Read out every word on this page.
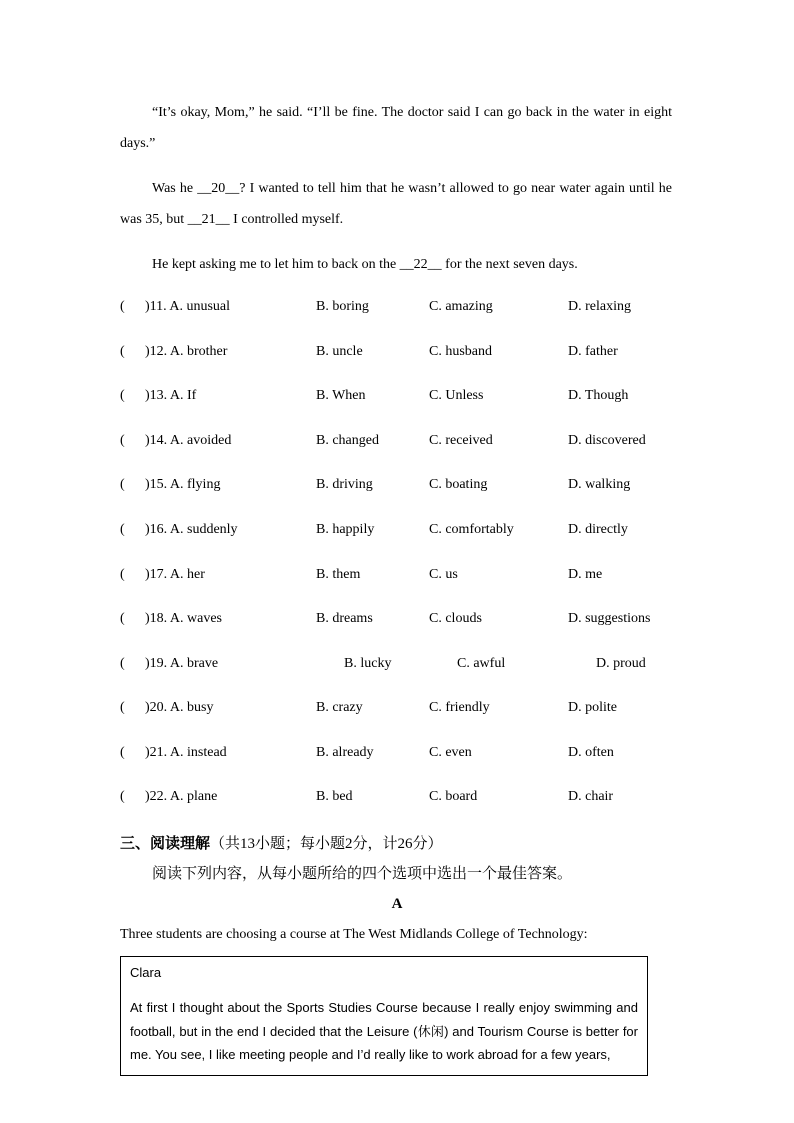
“It’s okay, Mom,” he said. “I’ll be fine. The doctor said I can go back in the water in eight days.”
Was he __20__? I wanted to tell him that he wasn’t allowed to go near water again until he was 35, but __21__ I controlled myself.
He kept asking me to let him to back on the __22__ for the next seven days.
( )11. A. unusual	B. boring	C. amazing	D. relaxing
( )12. A. brother	B. uncle	C. husband	D. father
( )13. A. If	B. When	C. Unless	D. Though
( )14. A. avoided	B. changed	C. received	D. discovered
( )15. A. flying	B. driving	C. boating	D. walking
( )16. A. suddenly	B. happily	C. comfortably	D. directly
( )17. A. her	B. them	C. us	D. me
( )18. A. waves	B. dreams	C. clouds	D. suggestions
( )19. A. brave	B. lucky	C. awful	D. proud
( )20. A. busy	B. crazy	C. friendly	D. polite
( )21. A. instead	B. already	C. even	D. often
( )22. A. plane	B. bed	C. board	D. chair
三、阅读理解（共13小题；每小题2分，计26分）
阅读下列内容，从每小题所给的四个选项中选出一个最佳答案。
A
Three students are choosing a course at The West Midlands College of Technology:
Clara
At first I thought about the Sports Studies Course because I really enjoy swimming and football, but in the end I decided that the Leisure (休闲) and Tourism Course is better for me. You see, I like meeting people and I’d really like to work abroad for a few years,
